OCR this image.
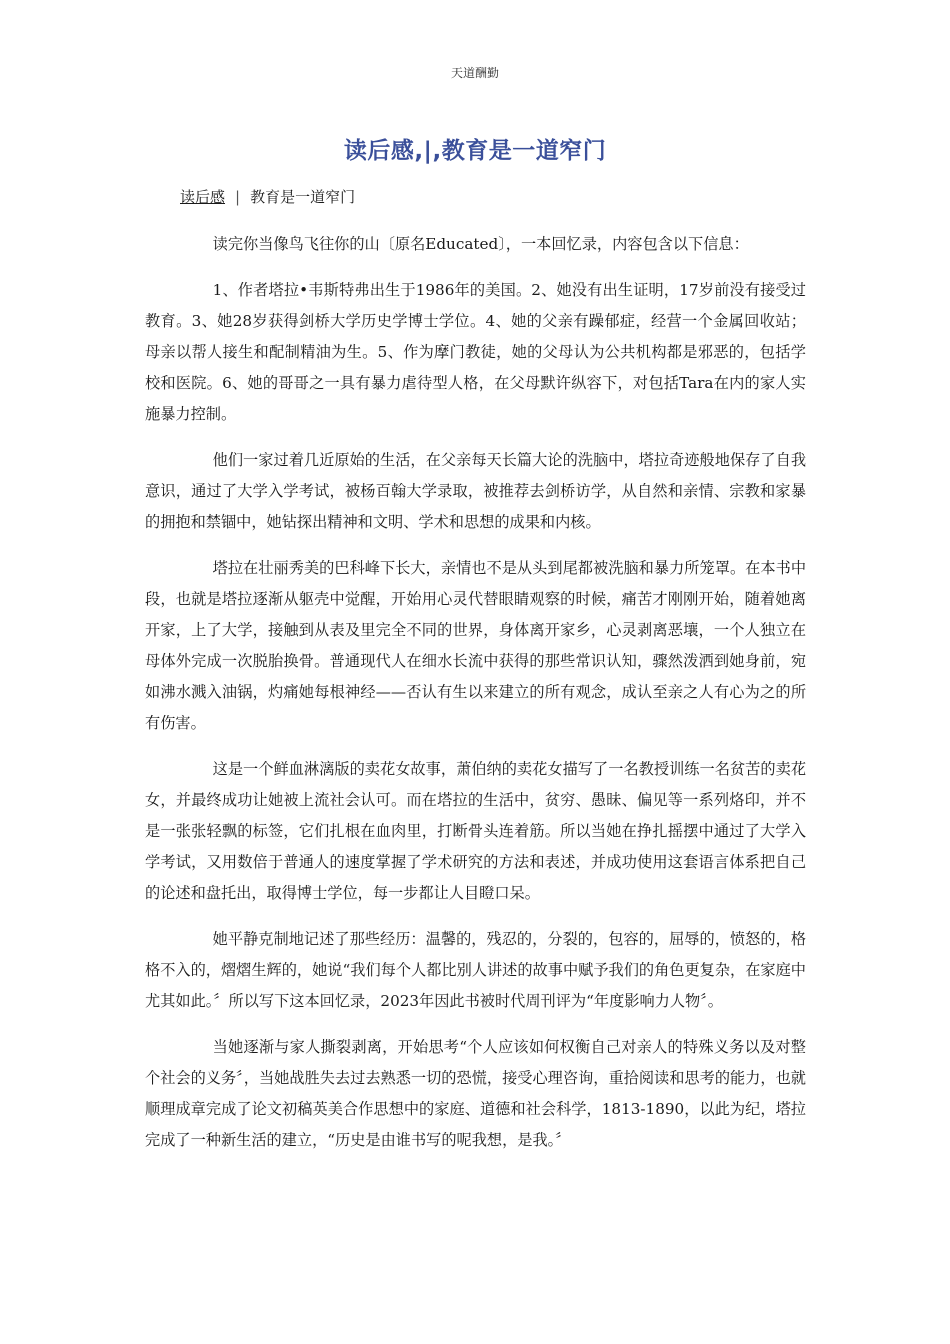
天道酬勤
读后感,|,教育是一道窄门
读后感 | 教育是一道窄门

读完你当像鸟飞往你的山〔原名Educated〕，一本回忆录，内容包含以下信息：

1、作者塔拉•韦斯特弗出生于1986年的美国。2、她没有出生证明，17岁前没有接受过教育。3、她28岁获得剑桥大学历史学博士学位。4、她的父亲有躁郁症，经营一个金属回收站；母亲以帮人接生和配制精油为生。5、作为摩门教徒，她的父母认为公共机构都是邪恶的，包括学校和医院。6、她的哥哥之一具有暴力虐待型人格，在父母默许纵容下，对包括Tara在内的家人实施暴力控制。

他们一家过着几近原始的生活，在父亲每天长篇大论的洗脑中，塔拉奇迹般地保存了自我意识，通过了大学入学考试，被杨百翰大学录取，被推荐去剑桥访学，从自然和亲情、宗教和家暴的拥抱和禁锢中，她钻探出精神和文明、学术和思想的成果和内核。

塔拉在壮丽秀美的巴科峰下长大，亲情也不是从头到尾都被洗脑和暴力所笼罩。在本书中段，也就是塔拉逐渐从躯壳中觉醒，开始用心灵代替眼睛观察的时候，痛苦才刚刚开始，随着她离开家，上了大学，接触到从表及里完全不同的世界，身体离开家乡，心灵剥离恶壤，一个人独立在母体外完成一次脱胎换骨。普通现代人在细水长流中获得的那些常识认知，骤然泼洒到她身前，宛如沸水溅入油锅，灼痛她每根神经——否认有生以来建立的所有观念，成认至亲之人有心为之的所有伤害。

这是一个鲜血淋漓版的卖花女故事，萧伯纳的卖花女描写了一名教授训练一名贫苦的卖花女，并最终成功让她被上流社会认可。而在塔拉的生活中，贫穷、愚昧、偏见等一系列烙印，并不是一张张轻飘的标签，它们扎根在血肉里，打断骨头连着筋。所以当她在挣扎摇摆中通过了大学入学考试，又用数倍于普通人的速度掌握了学术研究的方法和表述，并成功使用这套语言体系把自己的论述和盘托出，取得博士学位，每一步都让人目瞪口呆。

她平静克制地记述了那些经历：温馨的，残忍的，分裂的，包容的，屈辱的，愤怒的，格格不入的，熠熠生辉的，她说“我们每个人都比别人讲述的故事中赋予我们的角色更复杂，在家庭中尤其如此。〞所以写下这本回忆录，2023年因此书被时代周刊评为“年度影响力人物〞。

当她逐渐与家人撕裂剥离，开始思考“个人应该如何权衡自己对亲人的特殊义务以及对整个社会的义务〞，当她战胜失去过去熟悉一切的恐慌，接受心理咨询，重拾阅读和思考的能力，也就顺理成章完成了论文初稿英美合作思想中的家庭、道德和社会科学，1813-1890，以此为纪，塔拉完成了一种新生活的建立，“历史是由谁书写的呢我想，是我。〞
